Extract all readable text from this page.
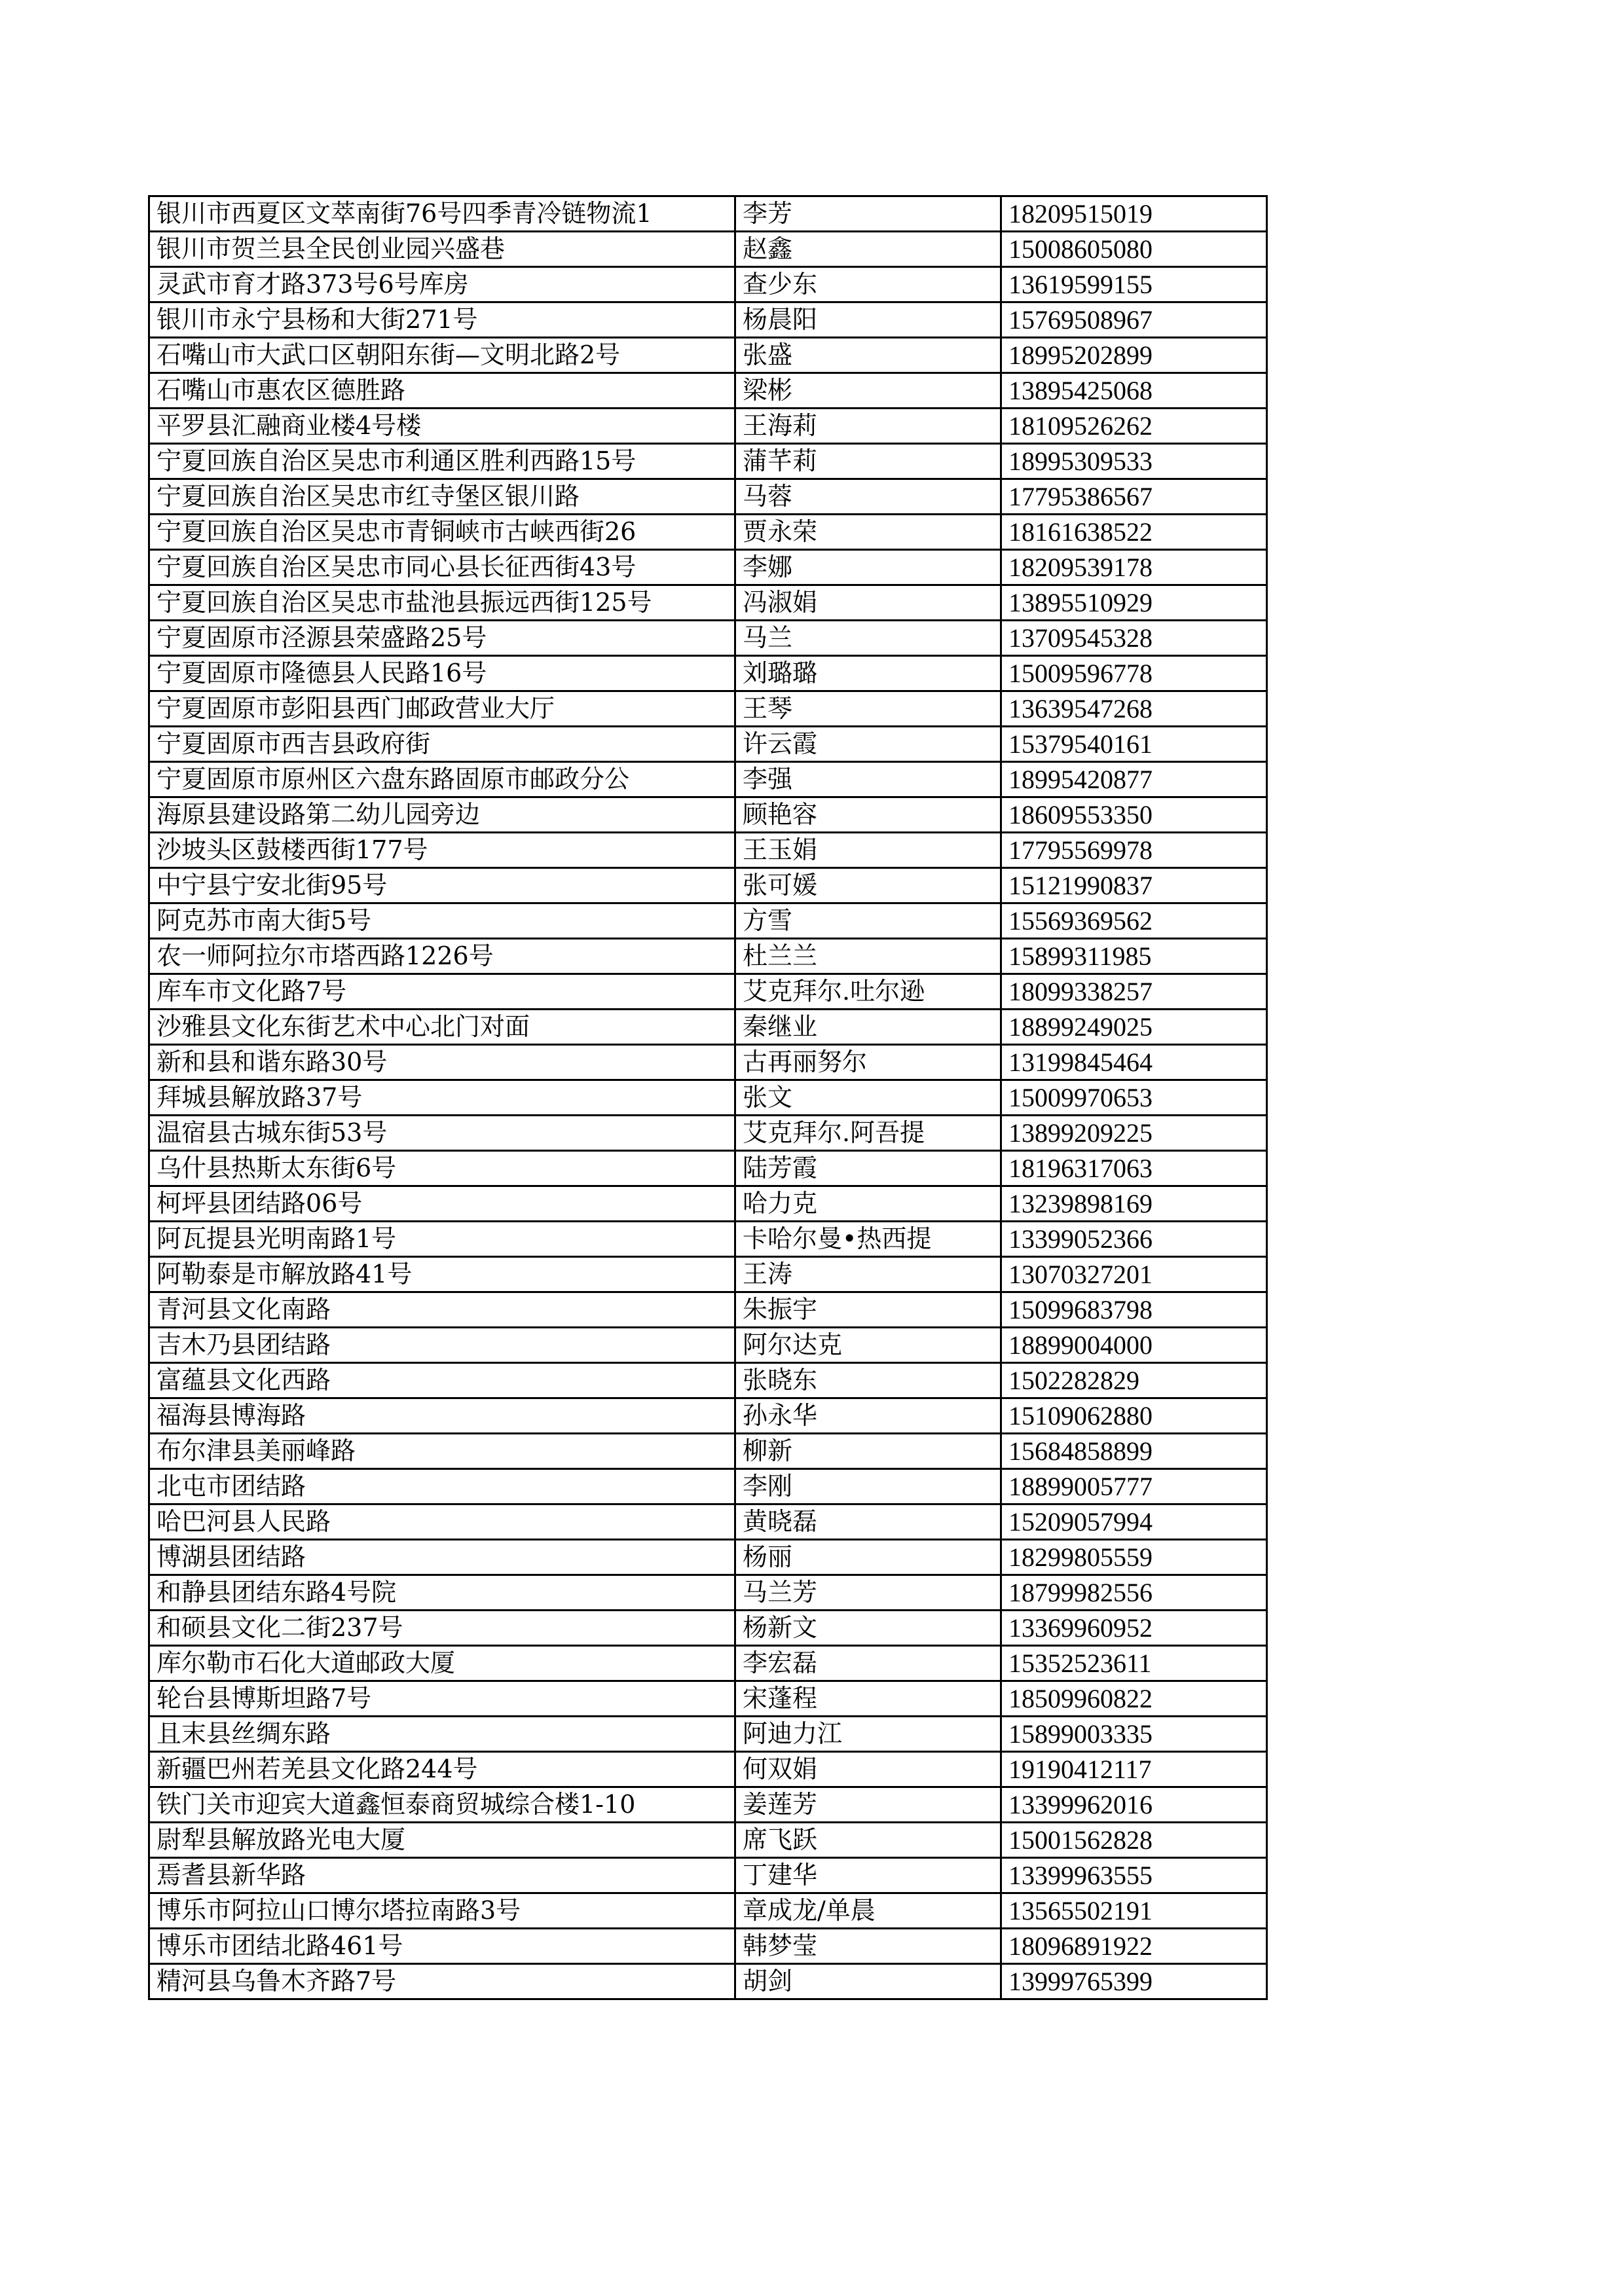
银川市西夏区文萃南街76号四季青冷链物流1	李芳	18209515019
银川市贺兰县全民创业园兴盛巷	赵鑫	15008605080
灵武市育才路373号6号库房	查少东	13619599155
银川市永宁县杨和大街271号	杨晨阳	15769508967
石嘴山市大武口区朝阳东街—文明北路2号	张盛	18995202899
石嘴山市惠农区德胜路	梁彬	13895425068
平罗县汇融商业楼4号楼	王海莉	18109526262
宁夏回族自治区吴忠市利通区胜利西路15号	蒲芊莉	18995309533
宁夏回族自治区吴忠市红寺堡区银川路	马蓉	17795386567
宁夏回族自治区吴忠市青铜峡市古峡西街26	贾永荣	18161638522
宁夏回族自治区吴忠市同心县长征西街43号	李娜	18209539178
宁夏回族自治区吴忠市盐池县振远西街125号	冯淑娟	13895510929
宁夏固原市泾源县荣盛路25号	马兰	13709545328
宁夏固原市隆德县人民路16号	刘璐璐	15009596778
宁夏固原市彭阳县西门邮政营业大厅	王琴	13639547268
宁夏固原市西吉县政府街	许云霞	15379540161
宁夏固原市原州区六盘东路固原市邮政分公	李强	18995420877
海原县建设路第二幼儿园旁边	顾艳容	18609553350
沙坡头区鼓楼西街177号	王玉娟	17795569978
中宁县宁安北街95号	张可媛	15121990837
阿克苏市南大街5号	方雪	15569369562
农一师阿拉尔市塔西路1226号	杜兰兰	15899311985
库车市文化路7号	艾克拜尔.吐尔逊	18099338257
沙雅县文化东街艺术中心北门对面	秦继业	18899249025
新和县和谐东路30号	古再丽努尔	13199845464
拜城县解放路37号	张文	15009970653
温宿县古城东街53号	艾克拜尔.阿吾提	13899209225
乌什县热斯太东街6号	陆芳霞	18196317063
柯坪县团结路06号	哈力克	13239898169
阿瓦提县光明南路1号	卡哈尔曼•热西提	13399052366
阿勒泰是市解放路41号	王涛	13070327201
青河县文化南路	朱振宇	15099683798
吉木乃县团结路	阿尔达克	18899004000
富蕴县文化西路	张晓东	1502282829
福海县博海路	孙永华	15109062880
布尔津县美丽峰路	柳新	15684858899
北屯市团结路	李刚	18899005777
哈巴河县人民路	黄晓磊	15209057994
博湖县团结路	杨丽	18299805559
和静县团结东路4号院	马兰芳	18799982556
和硕县文化二街237号	杨新文	13369960952
库尔勒市石化大道邮政大厦	李宏磊	15352523611
轮台县博斯坦路7号	宋蓬程	18509960822
且末县丝绸东路	阿迪力江	15899003335
新疆巴州若羌县文化路244号	何双娟	19190412117
铁门关市迎宾大道鑫恒泰商贸城综合楼1-10	姜莲芳	13399962016
尉犁县解放路光电大厦	席飞跃	15001562828
焉耆县新华路	丁建华	13399963555
博乐市阿拉山口博尔塔拉南路3号	章成龙/单晨	13565502191
博乐市团结北路461号	韩梦莹	18096891922
精河县乌鲁木齐路7号	胡剑	13999765399
